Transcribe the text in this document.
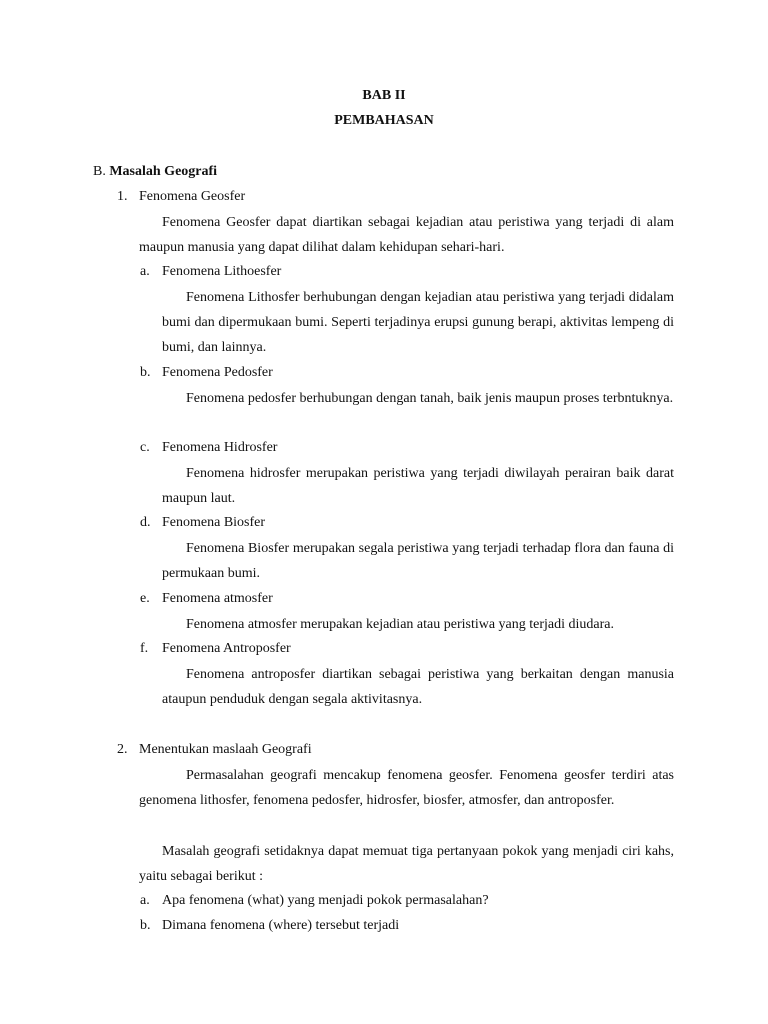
BAB II
PEMBAHASAN
B. Masalah Geografi
1. Fenomena Geosfer
Fenomena Geosfer dapat diartikan sebagai kejadian atau peristiwa yang terjadi di alam maupun manusia yang dapat dilihat dalam kehidupan sehari-hari.
a. Fenomena Lithoesfer
Fenomena Lithosfer berhubungan dengan kejadian atau peristiwa yang terjadi didalam bumi dan dipermukaan bumi. Seperti terjadinya erupsi gunung berapi, aktivitas lempeng di bumi, dan lainnya.
b. Fenomena Pedosfer
Fenomena pedosfer berhubungan dengan tanah, baik jenis maupun proses terbntuknya.
c. Fenomena Hidrosfer
Fenomena hidrosfer merupakan peristiwa yang terjadi diwilayah perairan baik darat maupun laut.
d. Fenomena Biosfer
Fenomena Biosfer merupakan segala peristiwa yang terjadi terhadap flora dan fauna di permukaan bumi.
e. Fenomena atmosfer
Fenomena atmosfer merupakan kejadian atau peristiwa yang terjadi diudara.
f. Fenomena Antroposfer
Fenomena antroposfer diartikan sebagai peristiwa yang berkaitan dengan manusia ataupun penduduk dengan segala aktivitasnya.
2. Menentukan maslaah Geografi
Permasalahan geografi mencakup fenomena geosfer. Fenomena geosfer terdiri atas genomena lithosfer, fenomena pedosfer, hidrosfer, biosfer, atmosfer, dan antroposfer.
Masalah geografi setidaknya dapat memuat tiga pertanyaan pokok yang menjadi ciri kahs, yaitu sebagai berikut :
a. Apa fenomena (what) yang menjadi pokok permasalahan?
b. Dimana fenomena (where) tersebut terjadi
